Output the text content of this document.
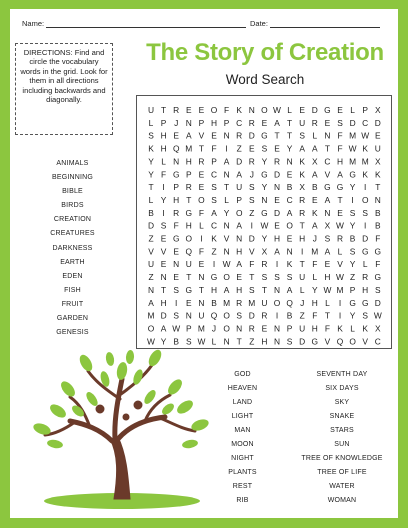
Name:	Date:
DIRECTIONS: Find and circle the vocabulary words in the grid. Look for them in all directions including backwards and diagonally.
The Story of Creation
Word Search
U T R E E O F K N O W L E D G E L P X
L P J N P H P C R E A T U R E S D C D
S H E A V E N R D G T T S L N F M W E
K H Q M T F I Z E S E Y A A T F W K U
Y L N H R P A D R Y R N K X C H M M X
Y F G P E C N A J G D E K A V A G K K
T I P R E S T U S Y N B X B G G Y I T
L Y H T O S L P S N E C R E A T I O N
B I R G F A Y O Z G D A R K N E S S B
D S F H L C N A I W E O T A X W Y I B
Z E G O I K V N D Y H E H J S R B D F
V V E Q F Z N H V X A N I M A L S G G
U E N U E I W A F R I K T F E V Y L F
Z N E T N G O E T S S S U L H W Z R G
N T S G T H A H S T N A L Y W M P H S
A H I E N B M R M U O Q J H L I G G D
M D S N U Q O S D R I B Z F T I Y S W
O A W P M J O N R E N P U H F K L K X
W Y B S W L N T Z H N S D G V Q O V C
ANIMALS
BEGINNING
BIBLE
BIRDS
CREATION
CREATURES
DARKNESS
EARTH
EDEN
FISH
FRUIT
GARDEN
GENESIS
GOD
HEAVEN
LAND
LIGHT
MAN
MOON
NIGHT
PLANTS
REST
RIB
SEVENTH DAY
SIX DAYS
SKY
SNAKE
STARS
SUN
TREE OF KNOWLEDGE
TREE OF LIFE
WATER
WOMAN
© 2024 puzzles-to-print.com
